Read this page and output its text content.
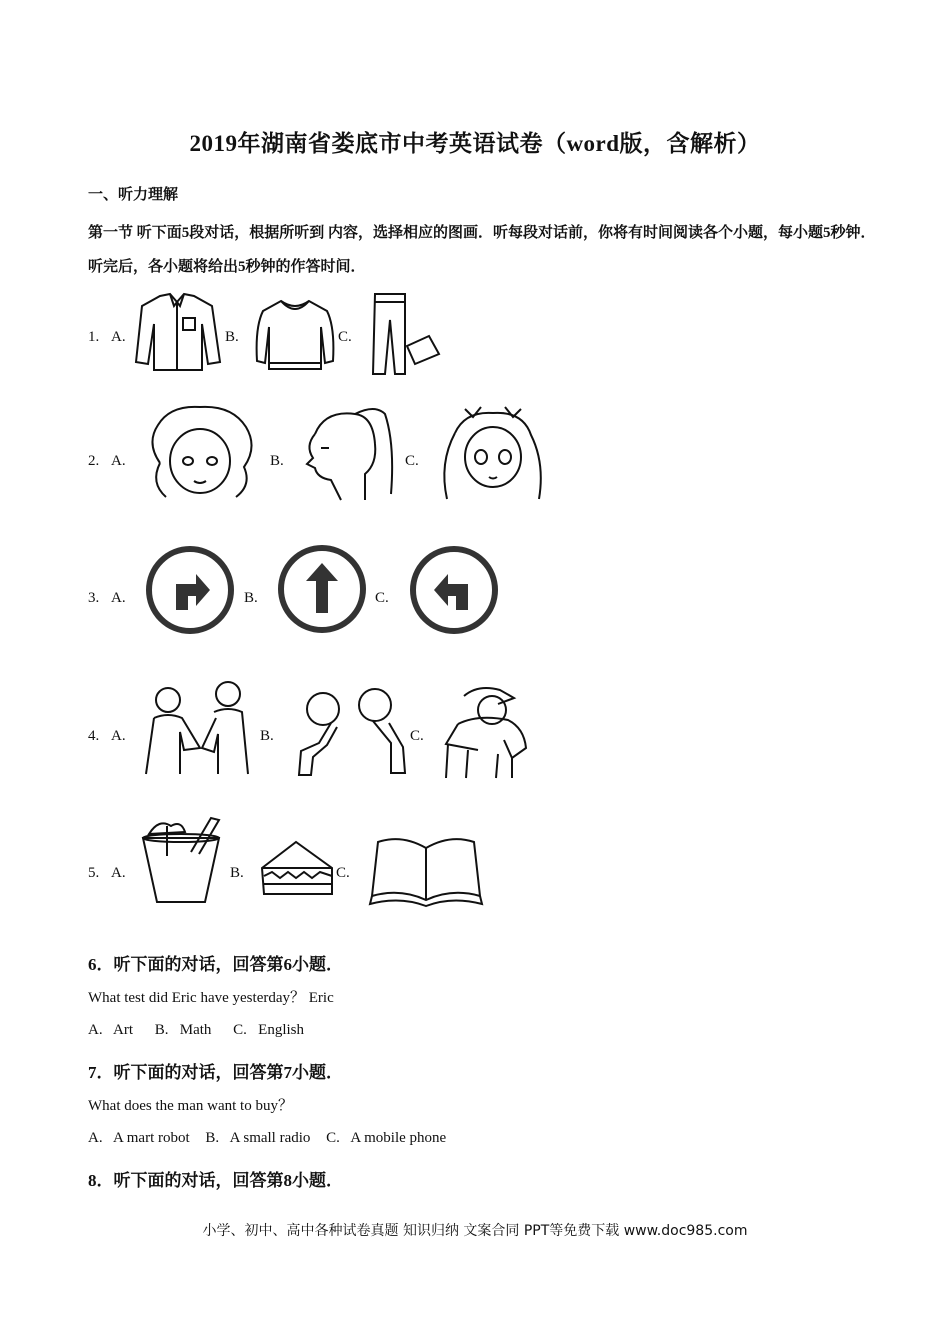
2019年湖南省娄底市中考英语试卷（word版，含解析）
一、听力理解
第一节 听下面5段对话，根据所听到 内容，选择相应的图画．听每段对话前，你将有时间阅读各个小题，每小题5秒钟．听完后，各小题将给出5秒钟的作答时间．
1. A.	B.	C.
2. A.	B.	C.
3. A.	B.	C.
4. A.	B.	C.
5. A.	B.	C.
6．听下面的对话，回答第6小题．
What test did Eric have yesterday？ Eric
A.   Art B.   Math C.   English
7．听下面的对话，回答第7小题．
What does the man want to buy？
A.   A mart robot B.   A small radio C.   A mobile phone
8．听下面的对话，回答第8小题．
小学、初中、高中各种试卷真题 知识归纳 文案合同 PPT等免费下载 www.doc985.com
